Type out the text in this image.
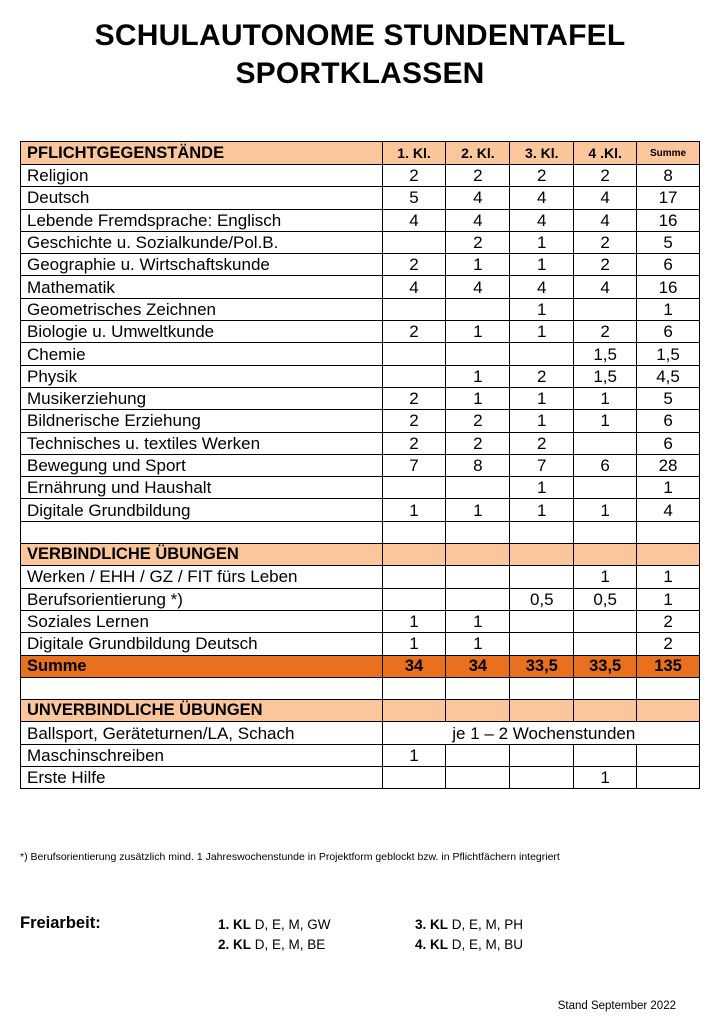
SCHULAUTONOME STUNDENTAFEL
SPORTKLASSEN
PFLICHTGEGENSTÄNDE	1. Kl.	2. Kl.	3. Kl.	4 .Kl.	Summe
Religion	2	2	2	2	8
Deutsch	5	4	4	4	17
Lebende Fremdsprache: Englisch	4	4	4	4	16
Geschichte u. Sozialkunde/Pol.B.		2	1	2	5
Geographie u. Wirtschaftskunde	2	1	1	2	6
Mathematik	4	4	4	4	16
Geometrisches Zeichnen			1		1
Biologie u. Umweltkunde	2	1	1	2	6
Chemie				1,5	1,5
Physik		1	2	1,5	4,5
Musikerziehung	2	1	1	1	5
Bildnerische Erziehung	2	2	1	1	6
Technisches u. textiles Werken	2	2	2		6
Bewegung und Sport	7	8	7	6	28
Ernährung und Haushalt			1		1
Digitale Grundbildung	1	1	1	1	4

VERBINDLICHE ÜBUNGEN					
Werken / EHH / GZ / FIT fürs Leben				1	1
Berufsorientierung *)			0,5	0,5	1
Soziales Lernen	1	1			2
Digitale Grundbildung Deutsch	1	1			2
Summe	34	34	33,5	33,5	135

UNVERBINDLICHE ÜBUNGEN					
Ballsport, Geräteturnen/LA, Schach	je 1 – 2 Wochenstunden				
Maschinschreiben	1				
Erste Hilfe				1	
*) Berufsorientierung zusätzlich mind. 1 Jahreswochenstunde in Projektform geblockt bzw. in Pflichtfächern integriert
Freiarbeit:	1. KL D, E, M, GW
2. KL D, E, M, BE
3. KL D, E, M, PH
4. KL D, E, M, BU
Stand September 2022
